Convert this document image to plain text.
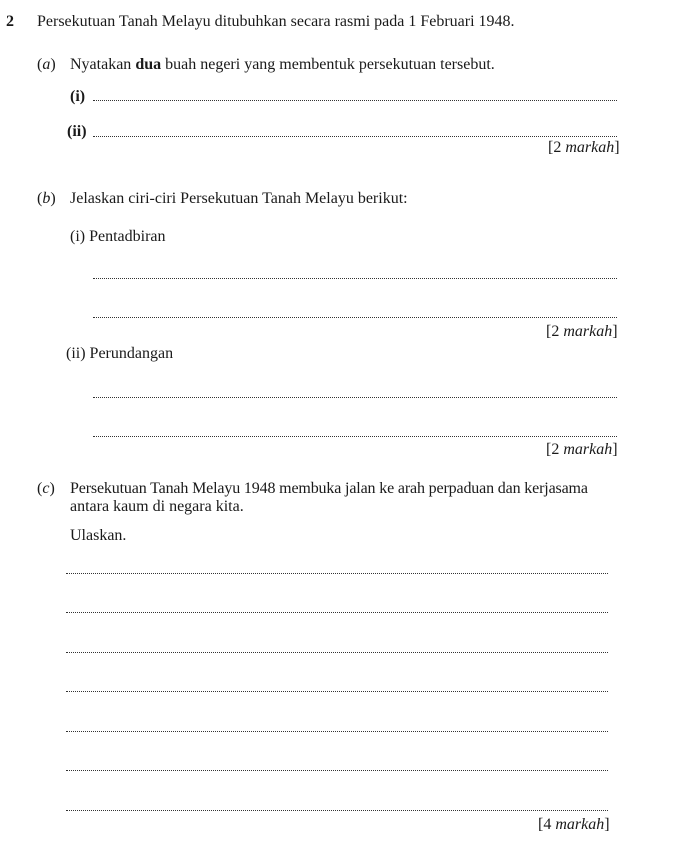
2 Persekutuan Tanah Melayu ditubuhkan secara rasmi pada 1 Februari 1948.
(a) Nyatakan dua buah negeri yang membentuk persekutuan tersebut.
(i)
(ii)
[2 markah]
(b) Jelaskan ciri-ciri Persekutuan Tanah Melayu berikut:
(i) Pentadbiran
[2 markah]
(ii) Perundangan
[2 markah]
(c) Persekutuan Tanah Melayu 1948 membuka jalan ke arah perpaduan dan kerjasama
antara kaum di negara kita.
Ulaskan.
[4 markah]
